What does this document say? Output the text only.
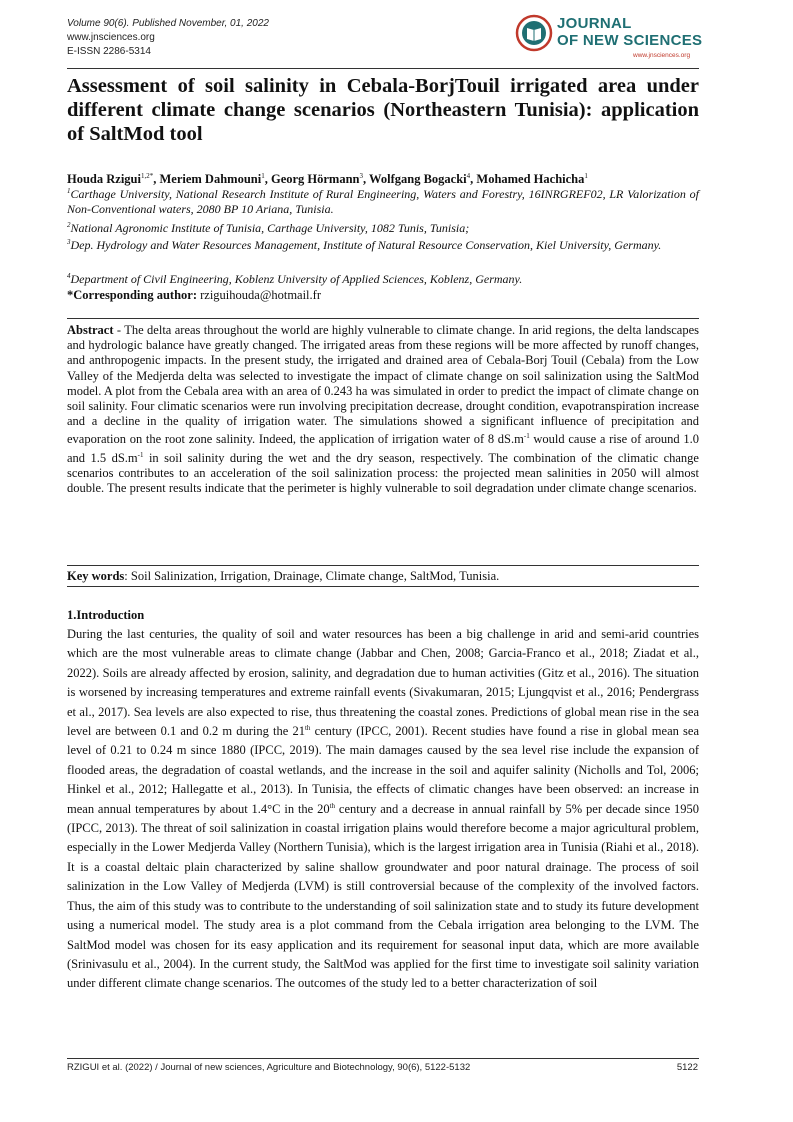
Volume 90(6). Published November, 01, 2022
www.jnsciences.org
E-ISSN 2286-5314
JOURNAL
OF NEW SCIENCES
www.jnsciences.org
Assessment of soil salinity in Cebala-BorjTouil irrigated area under different climate change scenarios (Northeastern Tunisia): application of SaltMod tool
Houda Rzigui$^{1,2*}$, Meriem Dahmouni$^1$, Georg Hörmann$^3$, Wolfgang Bogacki$^4$, Mohamed Hachicha$^1$
$^1$Carthage University, National Research Institute of Rural Engineering, Waters and Forestry, 16INRGREF02, LR Valorization of Non-Conventional waters, 2080 BP 10 Ariana, Tunisia.
$^2$National Agronomic Institute of Tunisia, Carthage University, 1082 Tunis, Tunisia;
$^3$Dep. Hydrology and Water Resources Management, Institute of Natural Resource Conservation, Kiel University, Germany.
$^4$Department of Civil Engineering, Koblenz University of Applied Sciences, Koblenz, Germany.
*Corresponding author: rziguihouda@hotmail.fr
Abstract - The delta areas throughout the world are highly vulnerable to climate change. In arid regions, the delta landscapes and hydrologic balance have greatly changed. The irrigated areas from these regions will be more affected by runoff changes, and anthropogenic impacts. In the present study, the irrigated and drained area of Cebala-Borj Touil (Cebala) from the Low Valley of the Medjerda delta was selected to investigate the impact of climate change on soil salinization using the SaltMod model. A plot from the Cebala area with an area of 0.243 ha was simulated in order to predict the impact of climate change on soil salinity. Four climatic scenarios were run involving precipitation decrease, drought condition, evapotranspiration increase and a decline in the quality of irrigation water. The simulations showed a significant influence of precipitation and evaporation on the root zone salinity. Indeed, the application of irrigation water of 8 $dS.m^{-1}$ would cause a rise of around 1.0 and 1.5 $dS.m^{-1}$ in soil salinity during the wet and the dry season, respectively. The combination of the climatic change scenarios contributes to an acceleration of the soil salinization process: the projected mean salinities in 2050 will almost double. The present results indicate that the perimeter is highly vulnerable to soil degradation under climate change scenarios.
Key words: Soil Salinization, Irrigation, Drainage, Climate change, SaltMod, Tunisia.
1.Introduction
During the last centuries, the quality of soil and water resources has been a big challenge in arid and semi-arid countries which are the most vulnerable areas to climate change (Jabbar and Chen, 2008; Garcia-Franco et al., 2018; Ziadat et al., 2022). Soils are already affected by erosion, salinity, and degradation due to human activities (Gitz et al., 2016). The situation is worsened by increasing temperatures and extreme rainfall events (Sivakumaran, 2015; Ljungqvist et al., 2016; Pendergrass et al., 2017). Sea levels are also expected to rise, thus threatening the coastal zones. Predictions of global mean rise in the sea level are between 0.1 and 0.2 m during the 21th century (IPCC, 2001). Recent studies have found a rise in global mean sea level of 0.21 to 0.24 m since 1880 (IPCC, 2019). The main damages caused by the sea level rise include the expansion of flooded areas, the degradation of coastal wetlands, and the increase in the soil and aquifer salinity (Nicholls and Tol, 2006; Hinkel et al., 2012; Hallegatte et al., 2013). In Tunisia, the effects of climatic changes have been observed: an increase in mean annual temperatures by about 1.4°C in the 20th century and a decrease in annual rainfall by 5% per decade since 1950 (IPCC, 2013). The threat of soil salinization in coastal irrigation plains would therefore become a major agricultural problem, especially in the Lower Medjerda Valley (Northern Tunisia), which is the largest irrigation area in Tunisia (Riahi et al., 2018). It is a coastal deltaic plain characterized by saline shallow groundwater and poor natural drainage. The process of soil salinization in the Low Valley of Medjerda (LVM) is still controversial because of the complexity of the involved factors. Thus, the aim of this study was to contribute to the understanding of soil salinization state and to study its future development using a numerical model. The study area is a plot command from the Cebala irrigation area belonging to the LVM. The SaltMod model was chosen for its easy application and its requirement for seasonal input data, which are more available (Srinivasulu et al., 2004). In the current study, the SaltMod was applied for the first time to investigate soil salinity variation under different climate change scenarios. The outcomes of the study led to a better characterization of soil
RZIGUI et al. (2022) / Journal of new sciences, Agriculture and Biotechnology, 90(6), 5122-5132	5122
